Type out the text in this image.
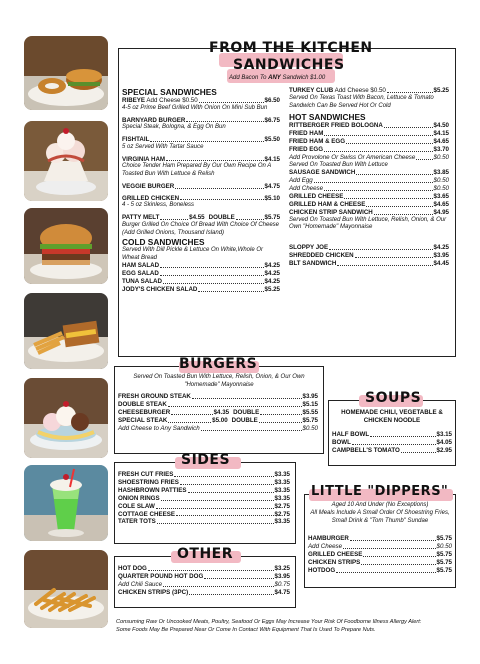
FROM THE KITCHEN
SANDWICHES
Add Bacon To ANY Sandwich $1.00

SPECIAL SANDWICHES

RIBEYE Add Cheese $0.50	$6.50

4-5 oz Prime Beef Grilled With Onion On Mini Sub Bun

BARNYARD BURGER	$6.75

Special Steak, Bologna, & Egg On Bun

FISHTAIL	$5.50

5 oz Served With Tartar Sauce

VIRGINIA HAM	$4.15

Choice Tender Ham Prepared By Our Own Recipe On A Toasted Bun With Lettuce & Relish

VEGGIE BURGER	$4.75
GRILLED CHICKEN	$5.10

4 - 5 oz Skinless, Boneless

PATTY MELT	$4.55 DOUBLE	$5.75

Burger Grilled On Choice Of Bread With Choice Of Cheese (Add Grilled Onions, Thousand Island)

COLD SANDWICHES

Served With Dill Pickle & Lettuce On White,Whole Or Wheat Bread

HAM SALAD	$4.25
EGG SALAD	$4.25
TUNA SALAD	$4.25
JODY'S CHICKEN SALAD	$5.25
TURKEY CLUB Add Cheese $0.50	$5.25

Served On Texas Toast With Bacon, Lettuce & Tomato Sandwich Can Be Served Hot Or Cold

HOT SANDWICHES

RITTBERGER FRIED BOLOGNA	$4.50
FRIED HAM	$4.15
FRIED HAM & EGG	$4.65
FRIED EGG	$3.70
Add Provolone Or Swiss Or American Cheese	$0.50

Served On Toasted Bun With Lettuce

SAUSAGE SANDWICH	$3.85
Add Egg	$0.50
Add Cheese	$0.50
GRILLED CHEESE	$3.65
GRILLED HAM & CHEESE	$4.65
CHICKEN STRIP SANDWICH	$4.95

Served On Toasted Bun With Lettuce, Relish, Onion, & Our Own "Homemade" Mayonnaise

SLOPPY JOE	$4.25
SHREDDED CHICKEN	$3.95
BLT SANDWICH	$4.45
BURGERS

Served On Toasted Bun With Lettuce, Relish, Onion, & Our Own "Homemade" Mayonnaise

FRESH GROUND STEAK	$3.95
DOUBLE STEAK	$5.15
CHEESEBURGER	$4.35 DOUBLE	$5.55
SPECIAL STEAK	$5.00 DOUBLE	$5.75
Add Cheese to Any Sandwich	$0.50
SOUPS

HOMEMADE CHILI, VEGETABLE & CHICKEN NOODLE

HALF BOWL	$3.15
BOWL	$4.05
CAMPBELL'S TOMATO	$2.95
SIDES
FRESH CUT FRIES	$3.35
SHOESTRING FRIES	$3.35
HASHBROWN PATTIES	$3.35
ONION RINGS	$3.35
COLE SLAW	$2.75
COTTAGE CHEESE	$2.75
TATER TOTS	$3.35
LITTLE "DIPPERS"

Aged 10 And Under (No Exceptions)

All Meals Include A Small Order Of Shoestring Fries, Small Drink & "Tom Thumb" Sundae

HAMBURGER	$5.75
Add Cheese	$0.50
GRILLED CHEESE	$5.75
CHICKEN STRIPS	$5.75
HOTDOG	$5.75
OTHER
HOT DOG	$3.25
QUARTER POUND HOT DOG	$3.95
Add Chili Sauce	$0.75
CHICKEN STRIPS (3PC)	$4.75
Consuming Raw Or Uncooked Meats, Poultry, Seafood Or Eggs May Increase Your Risk Of Foodborne Illness Allergy Alert:
Some Foods May Be Prepared Near Or Come In Contact With Equipment That Is Used To Prepare Nuts.
